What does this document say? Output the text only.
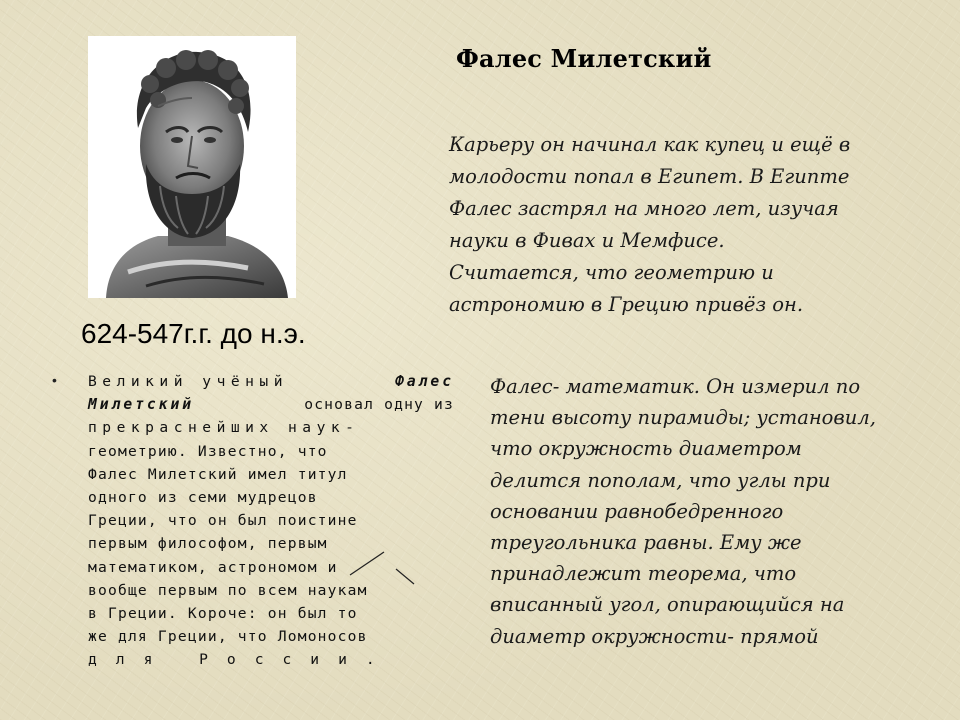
Фалес Милетский
Карьеру он начинал как купец и ещё в
молодости попал в Египет. В Египте
Фалес застрял на много лет, изучая
науки в Фивах и Мемфисе.
Считается, что геометрию и
астрономию в Грецию привёз он.
624-547г.г. до н.э.
• Великий учёный	Фалес
Милетский	основал одну из
прекраснейших наук-
геометрию. Известно, что
Фалес Милетский имел титул
одного из семи мудрецов
Греции, что он был поистине
первым философом, первым
математиком, астрономом и
вообще первым по всем наукам
в Греции. Короче: он был то
же для Греции, что Ломоносов
для России.
Фалес- математик. Он измерил по
тени высоту пирамиды; установил,
что окружность диаметром
делится пополам, что углы при
основании равнобедренного
треугольника равны. Ему же
принадлежит теорема, что
вписанный угол, опирающийся на
диаметр окружности- прямой
